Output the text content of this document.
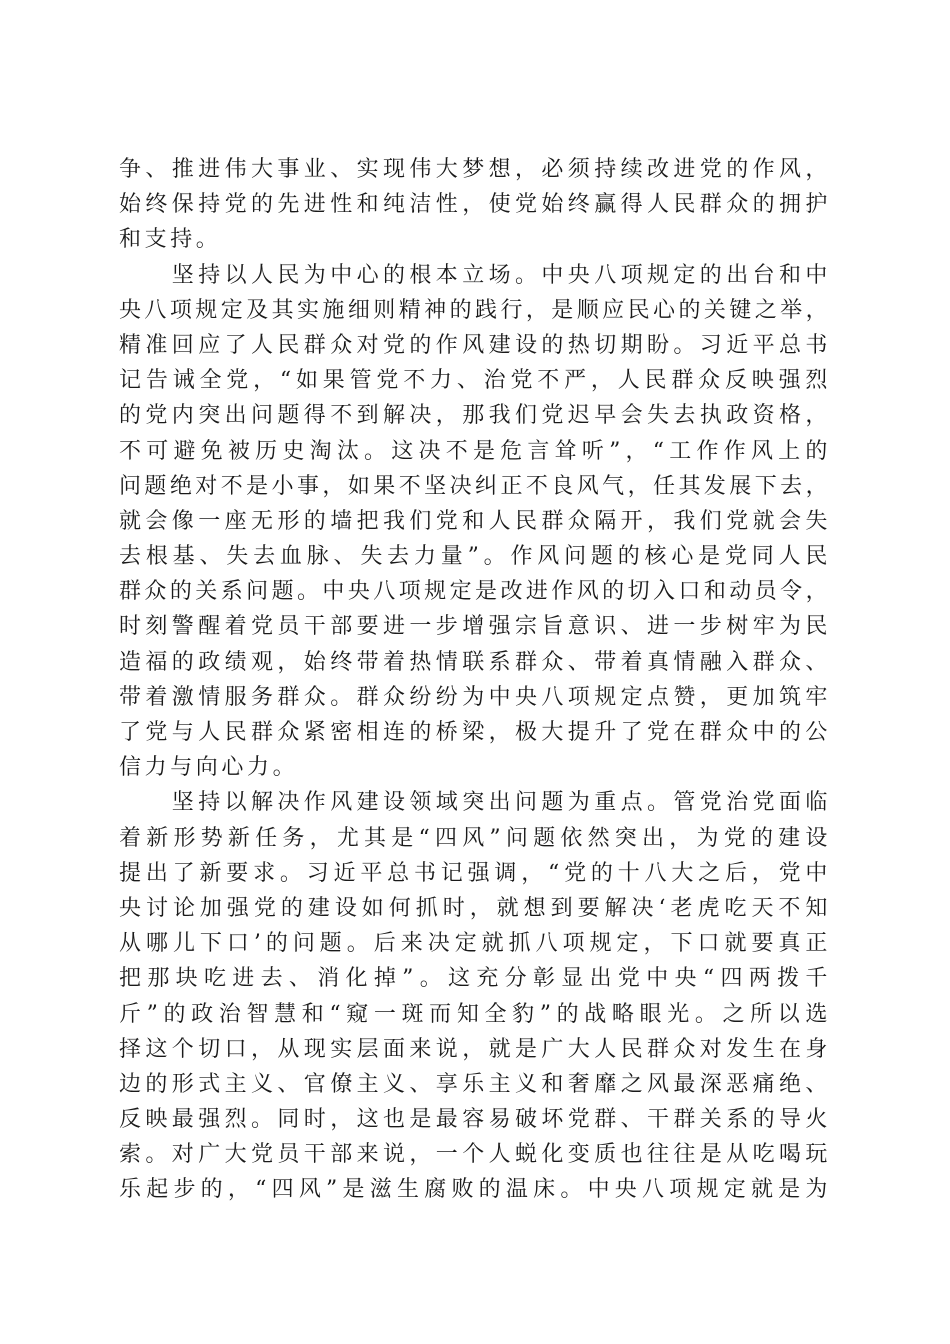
争、推进伟大事业、实现伟大梦想，必须持续改进党的作风，
始终保持党的先进性和纯洁性，使党始终赢得人民群众的拥护
和支持。
　　坚持以人民为中心的根本立场。中央八项规定的出台和中
央八项规定及其实施细则精神的践行，是顺应民心的关键之举，
精准回应了人民群众对党的作风建设的热切期盼。习近平总书
记告诫全党，“如果管党不力、治党不严，人民群众反映强烈
的党内突出问题得不到解决，那我们党迟早会失去执政资格，
不可避免被历史淘汰。这决不是危言耸听”，“工作作风上的
问题绝对不是小事，如果不坚决纠正不良风气，任其发展下去，
就会像一座无形的墙把我们党和人民群众隔开，我们党就会失
去根基、失去血脉、失去力量”。作风问题的核心是党同人民
群众的关系问题。中央八项规定是改进作风的切入口和动员令，
时刻警醒着党员干部要进一步增强宗旨意识、进一步树牢为民
造福的政绩观，始终带着热情联系群众、带着真情融入群众、
带着激情服务群众。群众纷纷为中央八项规定点赞，更加筑牢
了党与人民群众紧密相连的桥梁，极大提升了党在群众中的公
信力与向心力。
　　坚持以解决作风建设领域突出问题为重点。管党治党面临
着新形势新任务，尤其是“四风”问题依然突出，为党的建设
提出了新要求。习近平总书记强调，“党的十八大之后，党中
央讨论加强党的建设如何抓时，就想到要解决‘老虎吃天不知
从哪儿下口’的问题。后来决定就抓八项规定，下口就要真正
把那块吃进去、消化掉”。这充分彰显出党中央“四两拨千
斤”的政治智慧和“窥一斑而知全豹”的战略眼光。之所以选
择这个切口，从现实层面来说，就是广大人民群众对发生在身
边的形式主义、官僚主义、享乐主义和奢靡之风最深恶痛绝、
反映最强烈。同时，这也是最容易破坏党群、干群关系的导火
索。对广大党员干部来说，一个人蜕化变质也往往是从吃喝玩
乐起步的，“四风”是滋生腐败的温床。中央八项规定就是为
